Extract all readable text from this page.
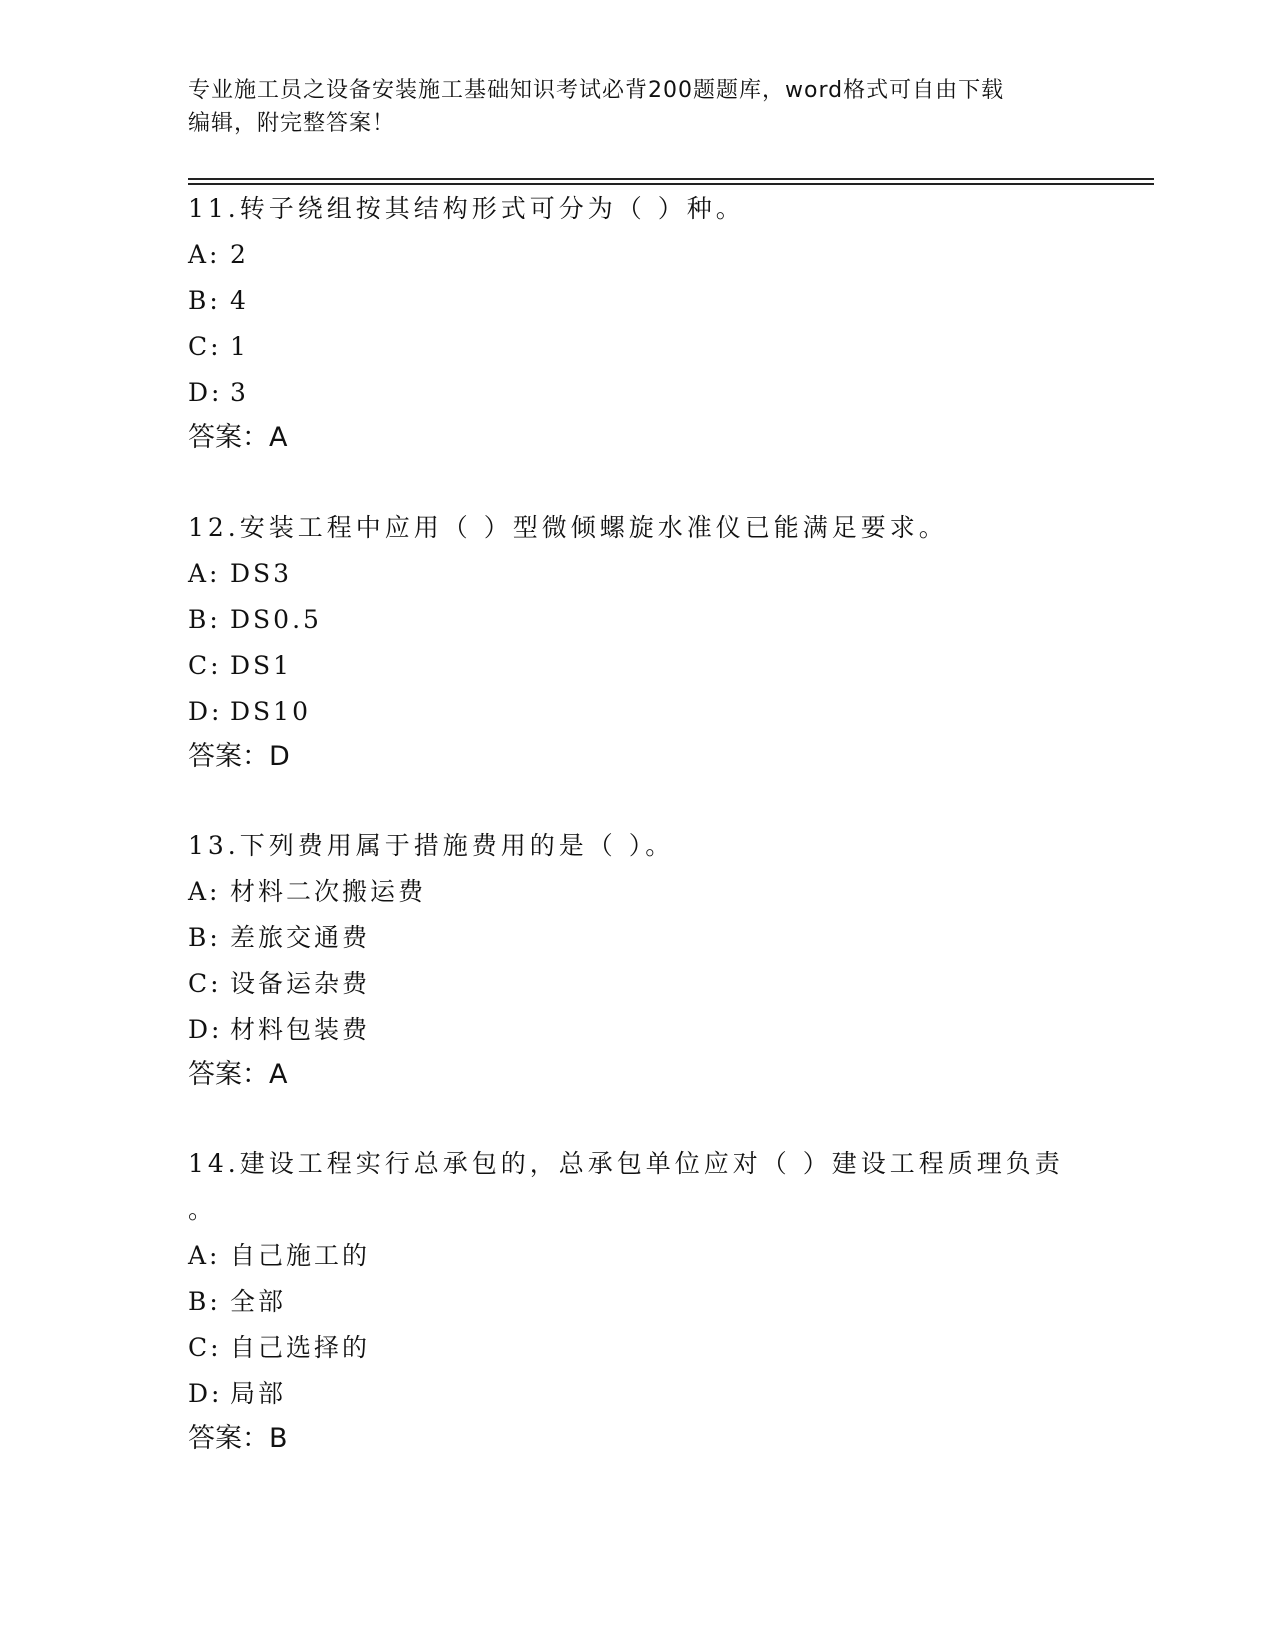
专业施工员之设备安装施工基础知识考试必背200题题库，word格式可自由下载
编辑，附完整答案！
11.转子绕组按其结构形式可分为（ ）种。
A: 2
B: 4
C: 1
D: 3
答案：A
12.安装工程中应用（ ）型微倾螺旋水准仪已能满足要求。
A: DS3
B: DS0.5
C: DS1
D: DS10
答案：D
13.下列费用属于措施费用的是（ ）。
A: 材料二次搬运费
B: 差旅交通费
C: 设备运杂费
D: 材料包装费
答案：A
14.建设工程实行总承包的，总承包单位应对（ ）建设工程质理负责
。
A: 自己施工的
B: 全部
C: 自己选择的
D: 局部
答案：B
